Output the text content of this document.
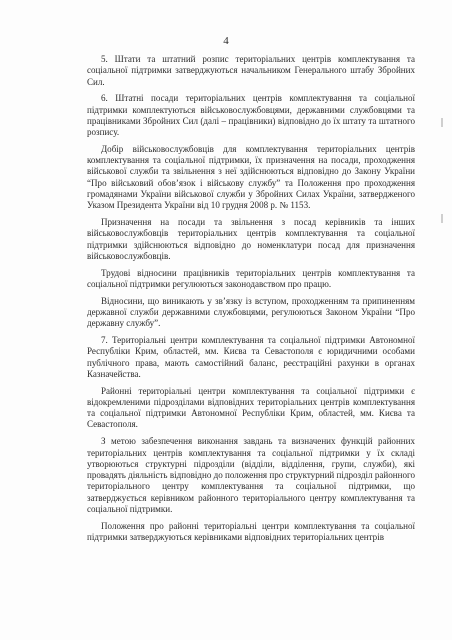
4

5. Штати та штатний розпис територіальних центрів комплектування та соціальної підтримки затверджуються начальником Генерального штабу Збройних Сил.

6. Штатні посади територіальних центрів комплектування та соціальної підтримки комплектуються військовослужбовцями, державними службовцями та працівниками Збройних Сил (далі – працівники) відповідно до їх штату та штатного розпису.

Добір військовослужбовців для комплектування територіальних центрів комплектування та соціальної підтримки, їх призначення на посади, проходження військової служби та звільнення з неї здійснюються відповідно до Закону України “Про військовий обов’язок і військову службу” та Положення про проходження громадянами України військової служби у Збройних Силах України, затвердженого Указом Президента України від 10 грудня 2008 р. № 1153.

Призначення на посади та звільнення з посад керівників та інших військовослужбовців територіальних центрів комплектування та соціальної підтримки здійснюються відповідно до номенклатури посад для призначення військовослужбовців.

Трудові відносини працівників територіальних центрів комплектування та соціальної підтримки регулюються законодавством про працю.

Відносини, що виникають у зв’язку із вступом, проходженням та припиненням державної служби державними службовцями, регулюються Законом України “Про державну службу”.

7. Територіальні центри комплектування та соціальної підтримки Автономної Республіки Крим, областей, мм. Києва та Севастополя є юридичними особами публічного права, мають самостійний баланс, реєстраційні рахунки в органах Казначейства.

Районні територіальні центри комплектування та соціальної підтримки є відокремленими підрозділами відповідних територіальних центрів комплектування та соціальної підтримки Автономної Республіки Крим, областей, мм. Києва та Севастополя.

З метою забезпечення виконання завдань та визначених функцій районних територіальних центрів комплектування та соціальної підтримки у їх складі утворюються структурні підрозділи (відділи, відділення, групи, служби), які провадять діяльність відповідно до положення про структурний підрозділ районного територіального центру комплектування та соціальної підтримки, що затверджується керівником районного територіального центру комплектування та соціальної підтримки.

Положення про районні територіальні центри комплектування та соціальної підтримки затверджуються керівниками відповідних територіальних центрів
